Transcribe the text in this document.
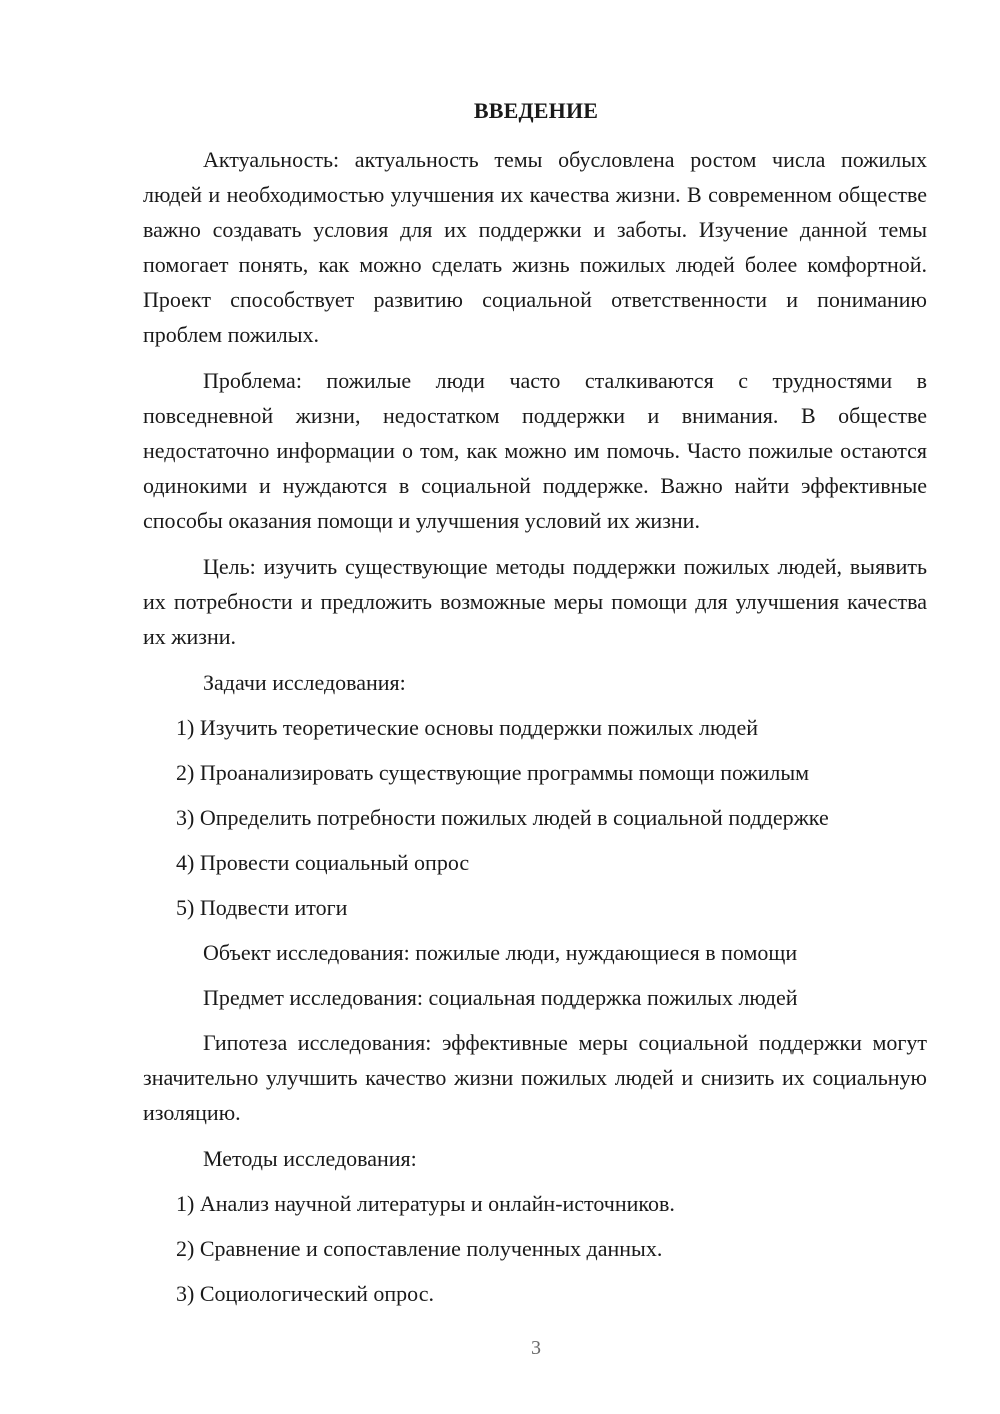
ВВЕДЕНИЕ

Актуальность: актуальность темы обусловлена ростом числа пожилых людей и необходимостью улучшения их качества жизни. В современном обществе важно создавать условия для их поддержки и заботы. Изучение данной темы помогает понять, как можно сделать жизнь пожилых людей более комфортной. Проект способствует развитию социальной ответственности и пониманию проблем пожилых.

Проблема: пожилые люди часто сталкиваются с трудностями в повседневной жизни, недостатком поддержки и внимания. В обществе недостаточно информации о том, как можно им помочь. Часто пожилые остаются одинокими и нуждаются в социальной поддержке. Важно найти эффективные способы оказания помощи и улучшения условий их жизни.

Цель: изучить существующие методы поддержки пожилых людей, выявить их потребности и предложить возможные меры помощи для улучшения качества их жизни.

Задачи исследования:

1) Изучить теоретические основы поддержки пожилых людей

2) Проанализировать существующие программы помощи пожилым

3) Определить потребности пожилых людей в социальной поддержке

4) Провести социальный опрос

5) Подвести итоги

Объект исследования: пожилые люди, нуждающиеся в помощи

Предмет исследования: социальная поддержка пожилых людей

Гипотеза исследования: эффективные меры социальной поддержки могут значительно улучшить качество жизни пожилых людей и снизить их социальную изоляцию.

Методы исследования:

1) Анализ научной литературы и онлайн-источников.

2) Сравнение и сопоставление полученных данных.

3) Социологический опрос.

3
